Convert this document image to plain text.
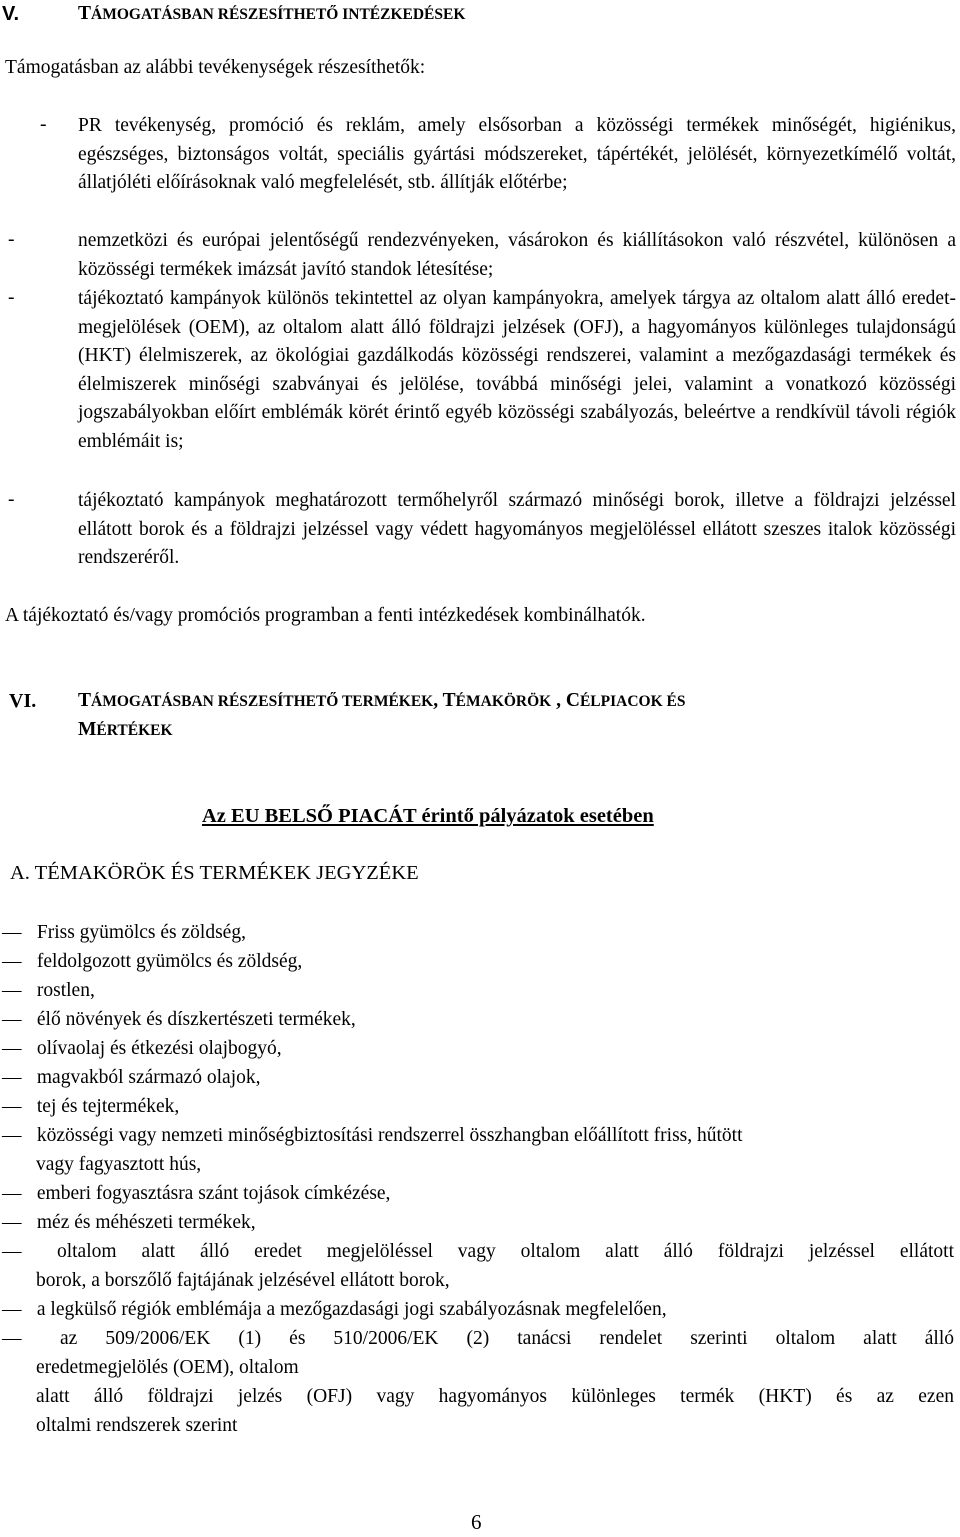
V.	TÁMOGATÁSBAN RÉSZESÍTHETŐ INTÉZKEDÉSEK
Támogatásban az alábbi tevékenységek részesíthetők:
- PR tevékenység, promóció és reklám, amely elsősorban a közösségi termékek minőségét, higiénikus, egészséges, biztonságos voltát, speciális gyártási módszereket, tápértékét, jelölését, környezetkímélő voltát, állatjóléti előírásoknak való megfelelését, stb. állítják előtérbe;
-	nemzetközi és európai jelentőségű rendezvényeken, vásárokon és kiállításokon való részvétel, különösen a közösségi termékek imázsát javító standok létesítése;
-	tájékoztató kampányok különös tekintettel az olyan kampányokra, amelyek tárgya az oltalom alatt álló eredet-megjelölések (OEM), az oltalom alatt álló földrajzi jelzések (OFJ), a hagyományos különleges tulajdonságú (HKT) élelmiszerek, az ökológiai gazdálkodás közösségi rendszerei, valamint a mezőgazdasági termékek és élelmiszerek minőségi szabványai és jelölése, továbbá minőségi jelei, valamint a vonatkozó közösségi jogszabályokban előírt emblémák körét érintő egyéb közösségi szabályozás, beleértve a rendkívül távoli régiók emblémáit is;
-	tájékoztató kampányok meghatározott termőhelyről származó minőségi borok, illetve a földrajzi jelzéssel ellátott borok és a földrajzi jelzéssel vagy védett hagyományos megjelöléssel ellátott szeszes italok közösségi rendszeréről.
A tájékoztató és/vagy promóciós programban a fenti intézkedések kombinálhatók.
VI. TÁMOGATÁSBAN RÉSZESÍTHETŐ TERMÉKEK, TÉMAKÖRÖK , CÉLPIACOK ÉS
MÉRTÉKEK
Az EU BELSŐ PIACÁT érintő pályázatok esetében
A. TÉMAKÖRÖK ÉS TERMÉKEK JEGYZÉKE
— Friss gyümölcs és zöldség,
— feldolgozott gyümölcs és zöldség,
— rostlen,
— élő növények és díszkertészeti termékek,
— olívaolaj és étkezési olajbogyó,
— magvakból származó olajok,
— tej és tejtermékek,
— közösségi vagy nemzeti minőségbiztosítási rendszerrel összhangban előállított friss, hűtött
vagy fagyasztott hús,
— emberi fogyasztásra szánt tojások címkézése,
— méz és méhészeti termékek,
— oltalom alatt álló eredet megjelöléssel vagy oltalom alatt álló földrajzi jelzéssel ellátott
borok, a borszőlő fajtájának jelzésével ellátott borok,
— a legkülső régiók emblémája a mezőgazdasági jogi szabályozásnak megfelelően,
— az 509/2006/EK (1) és 510/2006/EK (2) tanácsi rendelet szerinti oltalom alatt álló
eredetmegjelölés (OEM), oltalom
alatt álló földrajzi jelzés (OFJ) vagy hagyományos különleges termék (HKT) és az ezen
oltalmi rendszerek szerint
6
